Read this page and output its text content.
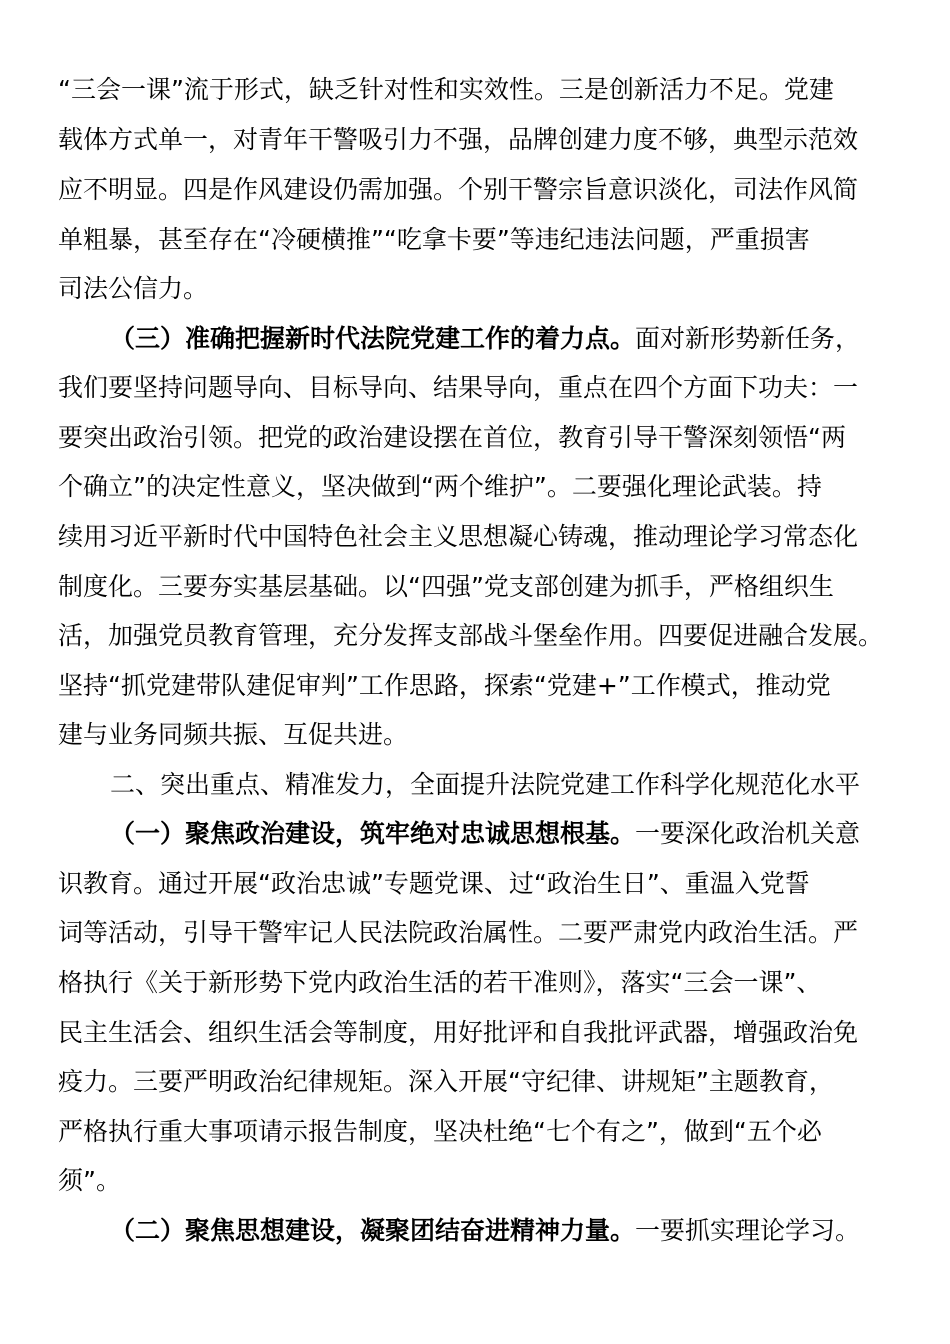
“三会一课”流于形式，缺乏针对性和实效性。三是创新活力不足。党建
载体方式单一，对青年干警吸引力不强，品牌创建力度不够，典型示范效
应不明显。四是作风建设仍需加强。个别干警宗旨意识淡化，司法作风简
单粗暴，甚至存在“冷硬横推”“吃拿卡要”等违纪违法问题，严重损害
司法公信力。
（三）准确把握新时代法院党建工作的着力点。面对新形势新任务，
我们要坚持问题导向、目标导向、结果导向，重点在四个方面下功夫：一
要突出政治引领。把党的政治建设摆在首位，教育引导干警深刻领悟“两
个确立”的决定性意义，坚决做到“两个维护”。二要强化理论武装。持
续用习近平新时代中国特色社会主义思想凝心铸魂，推动理论学习常态化
制度化。三要夯实基层基础。以“四强”党支部创建为抓手，严格组织生
活，加强党员教育管理，充分发挥支部战斗堡垒作用。四要促进融合发展。
坚持“抓党建带队建促审判”工作思路，探索“党建+”工作模式，推动党
建与业务同频共振、互促共进。
二、突出重点、精准发力，全面提升法院党建工作科学化规范化水平
（一）聚焦政治建设，筑牢绝对忠诚思想根基。一要深化政治机关意
识教育。通过开展“政治忠诚”专题党课、过“政治生日”、重温入党誓
词等活动，引导干警牢记人民法院政治属性。二要严肃党内政治生活。严
格执行《关于新形势下党内政治生活的若干准则》，落实“三会一课”、
民主生活会、组织生活会等制度，用好批评和自我批评武器，增强政治免
疫力。三要严明政治纪律规矩。深入开展“守纪律、讲规矩”主题教育，
严格执行重大事项请示报告制度，坚决杜绝“七个有之”，做到“五个必
须”。
（二）聚焦思想建设，凝聚团结奋进精神力量。一要抓实理论学习。
